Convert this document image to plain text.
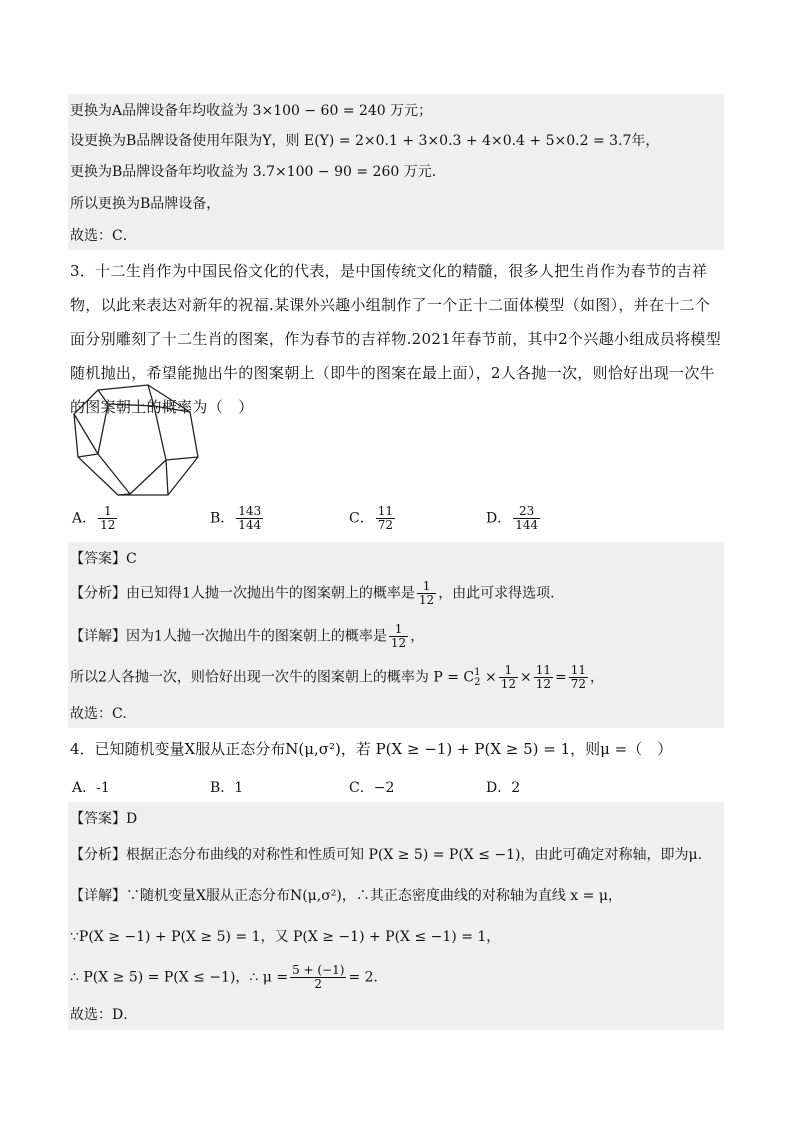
更换为A品牌设备年均收益为 3×100 − 60 = 240 万元；
设更换为B品牌设备使用年限为Y，则 E(Y) = 2×0.1 + 3×0.3 + 4×0.4 + 5×0.2 = 3.7年，
更换为B品牌设备年均收益为 3.7×100 − 90 = 260 万元．
所以更换为B品牌设备，
故选：C．
3．十二生肖作为中国民俗文化的代表，是中国传统文化的精髓，很多人把生肖作为春节的吉祥物，以此来表达对新年的祝福.某课外兴趣小组制作了一个正十二面体模型（如图），并在十二个面分别雕刻了十二生肖的图案，作为春节的吉祥物.2021年春节前，其中2个兴趣小组成员将模型随机抛出，希望能抛出牛的图案朝上（即牛的图案在最上面），2人各抛一次，则恰好出现一次牛的图案朝上的概率为（　）
A． $\frac{1}{12}$	B． $\frac{143}{144}$	C． $\frac{11}{72}$	D． $\frac{23}{144}$
【答案】C
【分析】由已知得1人抛一次抛出牛的图案朝上的概率是 $\frac{1}{12}$ ，由此可求得选项.
【详解】因为1人抛一次抛出牛的图案朝上的概率是 $\frac{1}{12}$ ，
所以2人各抛一次，则恰好出现一次牛的图案朝上的概率为 P = C 1
$2 \times \frac{1}{12} \times \frac{11}{12} = \frac{11}{72}$ ，
故选：C.
4．已知随机变量X服从正态分布N(μ,σ²)，若 P(X ≥ −1) + P(X ≥ 5) = 1，则μ =（　）
A．-1	B．1	C．−2	D．2
【答案】D
【分析】根据正态分布曲线的对称性和性质可知 P(X ≥ 5) = P(X ≤ −1)，由此可确定对称轴，即为μ.
【详解】∵随机变量X服从正态分布N(μ,σ²)，∴其正态密度曲线的对称轴为直线 x = μ，
∵P(X ≥ −1) + P(X ≥ 5) = 1，又 P(X ≥ −1) + P(X ≤ −1) = 1，
∴ P(X ≥ 5) = P(X ≤ −1)，∴ $\mu = \frac{5 + (-1)}{2} = 2$．
故选：D．
